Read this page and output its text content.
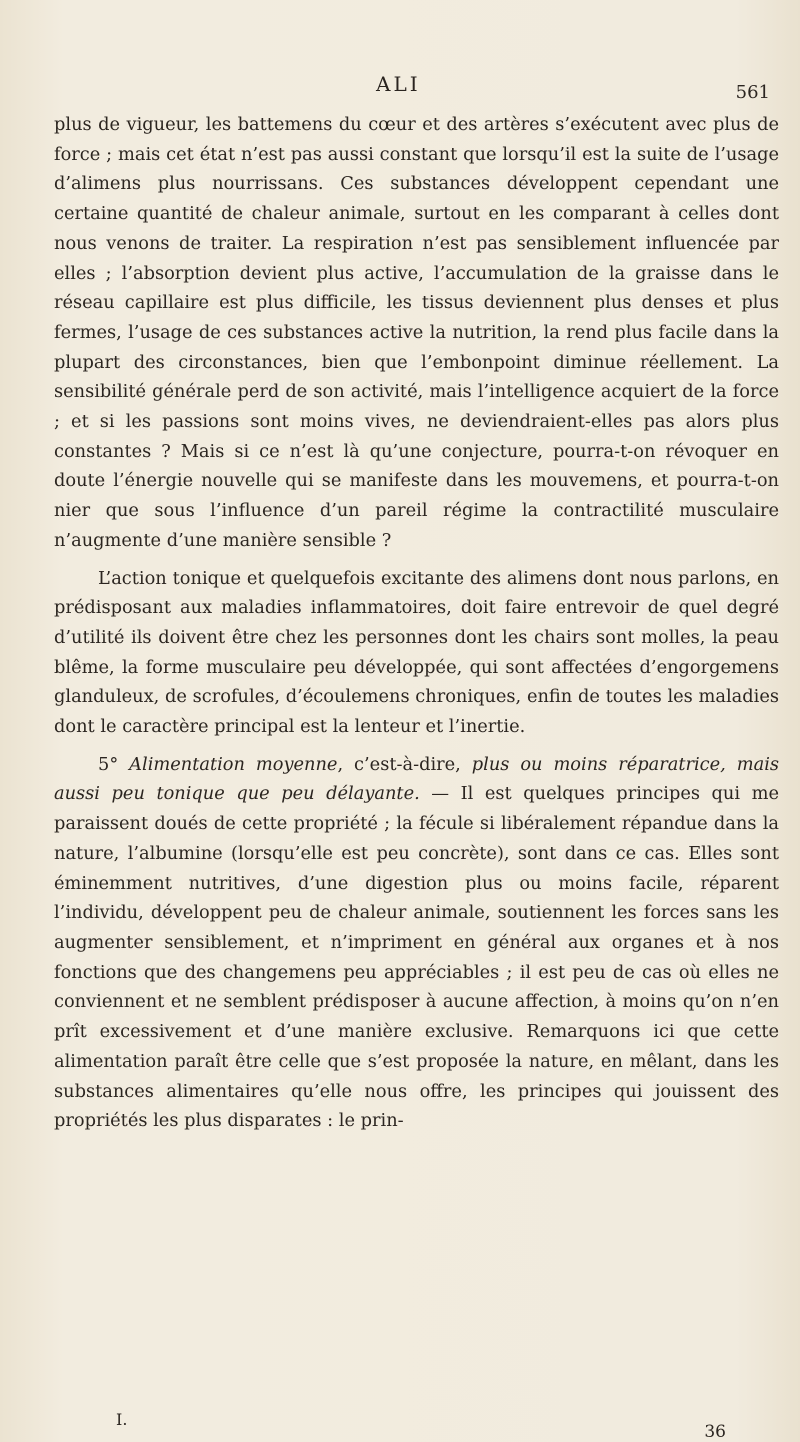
ALI	561

plus de vigueur, les battemens du cœur et des artères s’exécutent avec plus de force ; mais cet état n’est pas aussi constant que lorsqu’il est la suite de l’usage d’alimens plus nourrissans. Ces substances développent cependant une certaine quantité de chaleur animale, surtout en les comparant à celles dont nous venons de traiter. La respiration n’est pas sensiblement influencée par elles ; l’absorption devient plus active, l’accumulation de la graisse dans le réseau capillaire est plus difficile, les tissus deviennent plus denses et plus fermes, l’usage de ces substances active la nutrition, la rend plus facile dans la plupart des circonstances, bien que l’embonpoint diminue réellement. La sensibilité générale perd de son activité, mais l’intelligence acquiert de la force ; et si les passions sont moins vives, ne deviendraient-elles pas alors plus constantes ? Mais si ce n’est là qu’une conjecture, pourra-t-on révoquer en doute l’énergie nouvelle qui se manifeste dans les mouvemens, et pourra-t-on nier que sous l’influence d’un pareil régime la contractilité musculaire n’augmente d’une manière sensible ?

L’action tonique et quelquefois excitante des alimens dont nous parlons, en prédisposant aux maladies inflammatoires, doit faire entrevoir de quel degré d’utilité ils doivent être chez les personnes dont les chairs sont molles, la peau blême, la forme musculaire peu développée, qui sont affectées d’engorgemens glanduleux, de scrofules, d’écoulemens chroniques, enfin de toutes les maladies dont le caractère principal est la lenteur et l’inertie.

5° Alimentation moyenne, c’est-à-dire, plus ou moins réparatrice, mais aussi peu tonique que peu délayante. — Il est quelques principes qui me paraissent doués de cette propriété ; la fécule si libéralement répandue dans la nature, l’albumine (lorsqu’elle est peu concrète), sont dans ce cas. Elles sont éminemment nutritives, d’une digestion plus ou moins facile, réparent l’individu, développent peu de chaleur animale, soutiennent les forces sans les augmenter sensiblement, et n’impriment en général aux organes et à nos fonctions que des changemens peu appréciables ; il est peu de cas où elles ne conviennent et ne semblent prédisposer à aucune affection, à moins qu’on n’en prît excessivement et d’une manière exclusive. Remarquons ici que cette alimentation paraît être celle que s’est proposée la nature, en mêlant, dans les substances alimentaires qu’elle nous offre, les principes qui jouissent des propriétés les plus disparates : le prin-

I.
36
